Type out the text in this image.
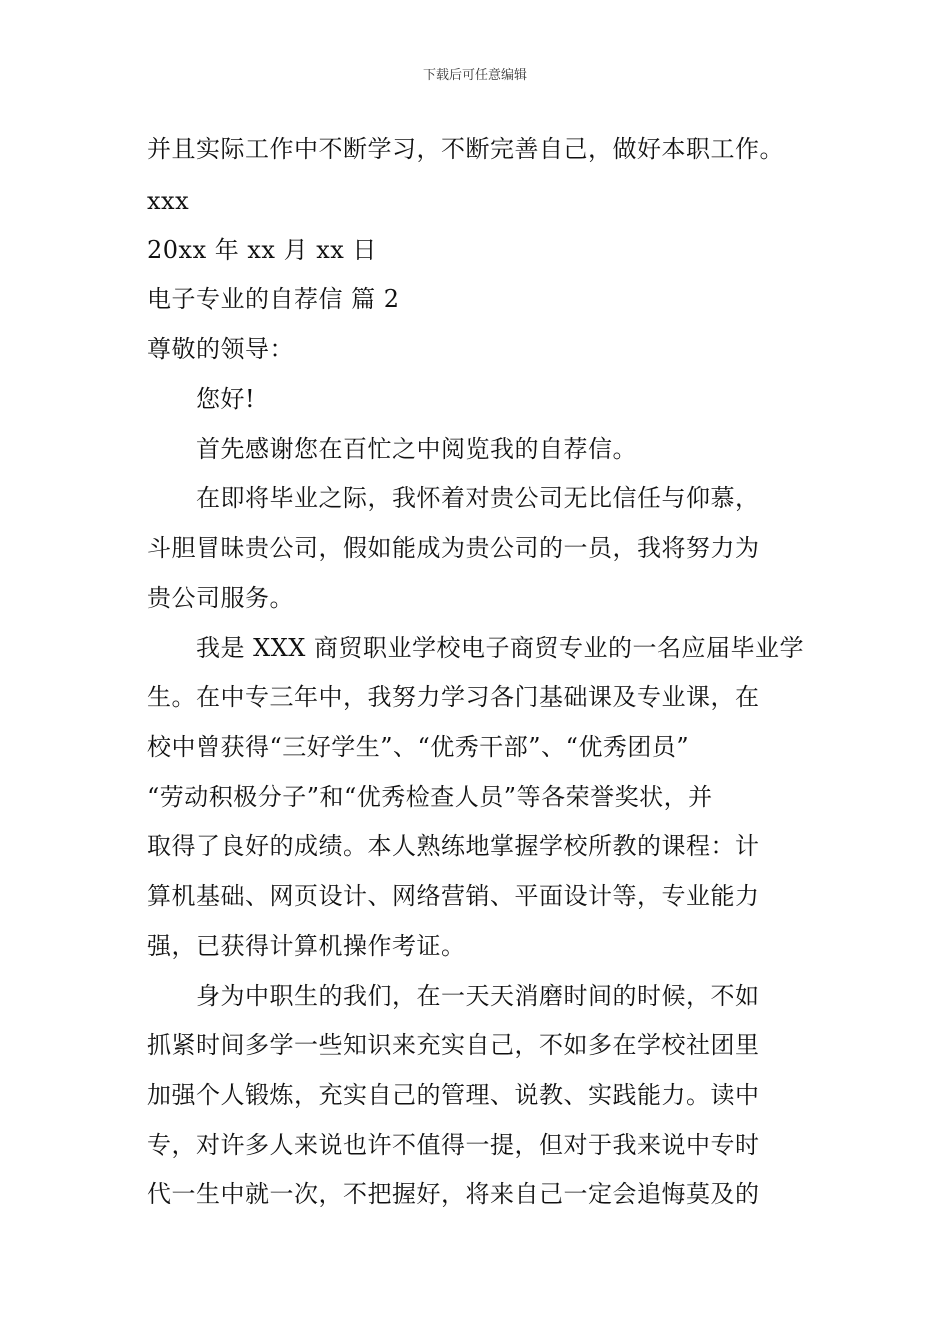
下载后可任意编辑
并且实际工作中不断学习，不断完善自己，做好本职工作。
xxx
20xx 年 xx 月 xx 日
电子专业的自荐信 篇 2
尊敬的领导：
您好!
首先感谢您在百忙之中阅览我的自荐信。
在即将毕业之际，我怀着对贵公司无比信任与仰慕，
斗胆冒昧贵公司，假如能成为贵公司的一员，我将努力为
贵公司服务。
我是 XXX 商贸职业学校电子商贸专业的一名应届毕业学
生。在中专三年中，我努力学习各门基础课及专业课，在
校中曾获得“三好学生”、“优秀干部”、“优秀团员”
“劳动积极分子”和“优秀检查人员”等各荣誉奖状，并
取得了良好的成绩。本人熟练地掌握学校所教的课程：计
算机基础、网页设计、网络营销、平面设计等，专业能力
强，已获得计算机操作考证。
身为中职生的我们，在一天天消磨时间的时候，不如
抓紧时间多学一些知识来充实自己，不如多在学校社团里
加强个人锻炼，充实自己的管理、说教、实践能力。读中
专，对许多人来说也许不值得一提，但对于我来说中专时
代一生中就一次，不把握好，将来自己一定会追悔莫及的
